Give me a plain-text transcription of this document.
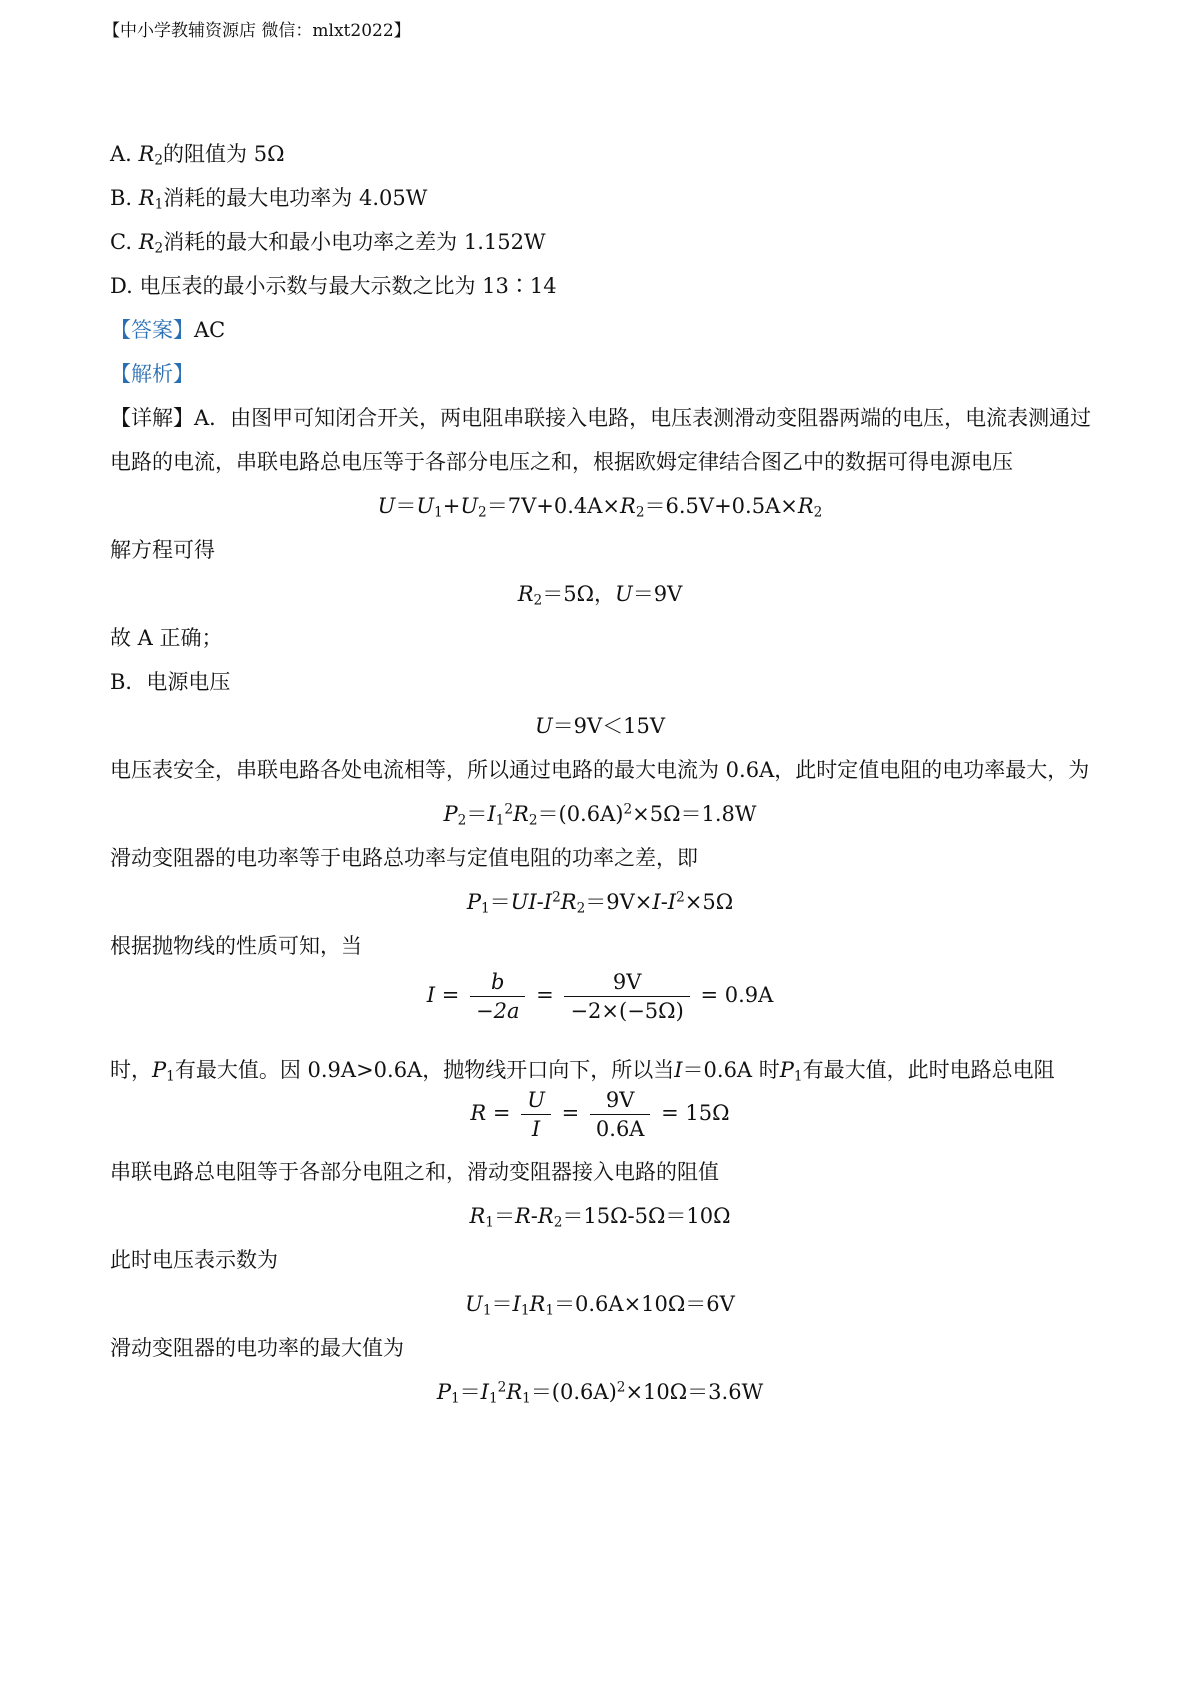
【中小学教辅资源店 微信：mlxt2022】
A. $R_2$的阻值为 5Ω
B. $R_1$消耗的最大电功率为 4.05W
C. $R_2$消耗的最大和最小电功率之差为 1.152W
D. 电压表的最小示数与最大示数之比为 13∶14
【答案】AC
【解析】
【详解】A．由图甲可知闭合开关，两电阻串联接入电路，电压表测滑动变阻器两端的电压，电流表测通过
电路的电流，串联电路总电压等于各部分电压之和，根据欧姆定律结合图乙中的数据可得电源电压
$U=U_1+U_2=7V+0.4A\times R_2=6.5V+0.5A\times R_2$
解方程可得
$R_2=5\Omega$，U＝9V
故 A 正确；
B．电源电压
U＝9V＜15V
电压表安全，串联电路各处电流相等，所以通过电路的最大电流为 0.6A，此时定值电阻的电功率最大，为
$P_2=I_1^2R_2=(0.6A)^2\times 5\Omega=1.8W$
滑动变阻器的电功率等于电路总功率与定值电阻的功率之差，即
$P_1=UI-I^2R_2=9V\times I-I^2\times 5\Omega$
根据抛物线的性质可知，当
$I = \frac{b}{-2a} = \frac{9V}{-2\times(-5\Omega)} = 0.9A$
时，$P_1$有最大值。因 0.9A>0.6A，抛物线开口向下，所以当I＝0.6A 时$P_1$有最大值，此时电路总电阻
$R = \frac{U}{I} = \frac{9V}{0.6A} = 15\Omega$
串联电路总电阻等于各部分电阻之和，滑动变阻器接入电路的阻值
$R_1=R-R_2=15\Omega-5\Omega=10\Omega$
此时电压表示数为
$U_1=I_1R_1=0.6A\times 10\Omega=6V$
滑动变阻器的电功率的最大值为
$P_1=I_1^2R_1=(0.6A)^2\times 10\Omega=3.6W$
